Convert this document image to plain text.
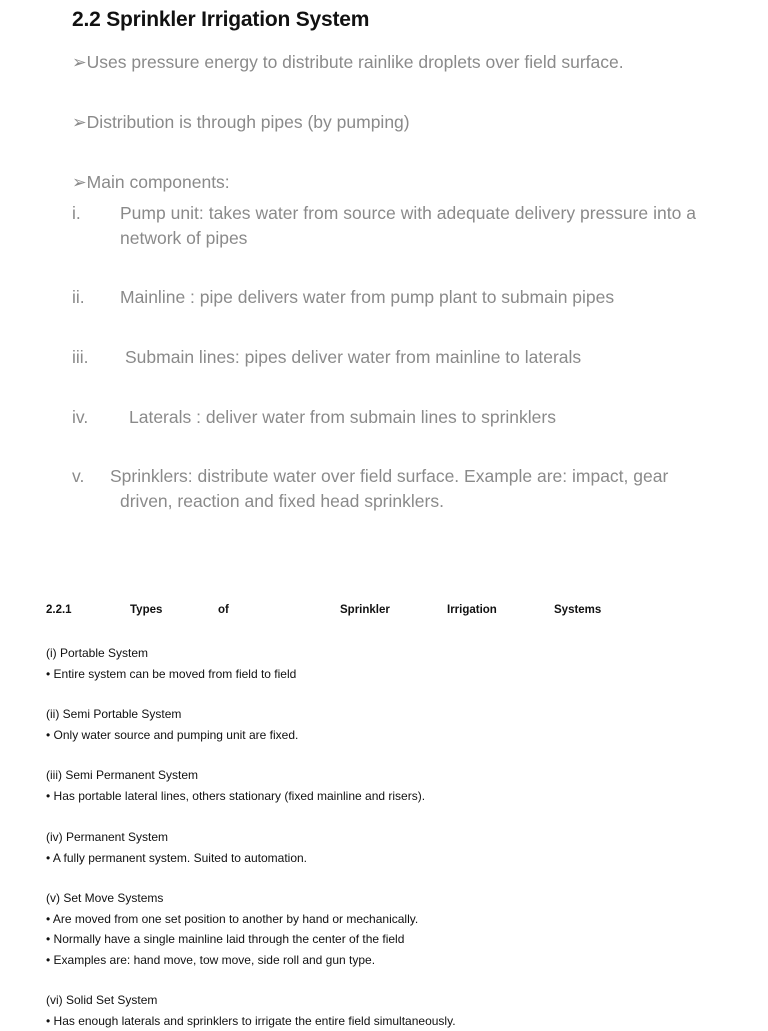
2.2 Sprinkler Irrigation System
➢Uses pressure energy to distribute rainlike droplets over field surface.
➢Distribution is through pipes (by pumping)
➢Main components:
i. Pump unit: takes water from source with adequate delivery pressure into a network of pipes
ii. Mainline : pipe delivers water from pump plant to submain pipes
iii. Submain lines: pipes deliver water from mainline to laterals
iv. Laterals : deliver water from submain lines to sprinklers
v. Sprinklers: distribute water over field surface. Example are: impact, gear driven, reaction and fixed head sprinklers.
2.2.1	Types	of	Sprinkler	Irrigation	Systems
(i) Portable System
• Entire system can be moved from field to field
(ii) Semi Portable System
• Only water source and pumping unit are fixed.
(iii) Semi Permanent System
• Has portable lateral lines, others stationary (fixed mainline and risers).
(iv) Permanent System
• A fully permanent system. Suited to automation.
(v) Set Move Systems
• Are moved from one set position to another by hand or mechanically.
• Normally have a single mainline laid through the center of the field
• Examples are: hand move, tow move, side roll and gun type.
(vi) Solid Set System
• Has enough laterals and sprinklers to irrigate the entire field simultaneously.
